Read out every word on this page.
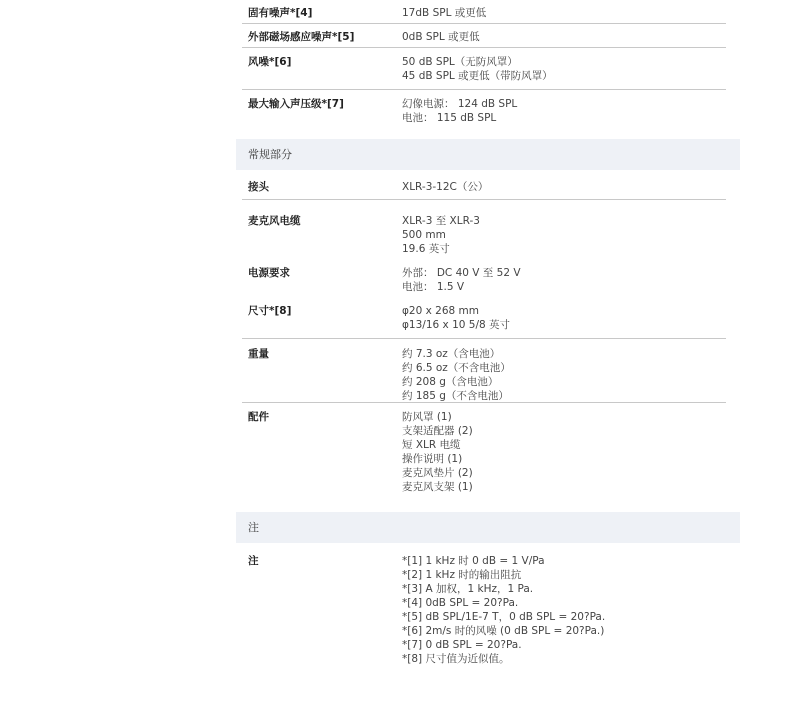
固有噪声*[4]	17dB SPL 或更低
外部磁场感应噪声*[5]	0dB SPL 或更低
风噪*[6]	50 dB SPL（无防风罩）
45 dB SPL 或更低（带防风罩）
最大输入声压级*[7]	幻像电源： 124 dB SPL
电池： 115 dB SPL
常规部分
接头	XLR-3-12C（公）
麦克风电缆	XLR-3 至 XLR-3
500 mm
19.6 英寸
电源要求	外部： DC 40 V 至 52 V
电池： 1.5 V
尺寸*[8]	φ20 x 268 mm
φ13/16 x 10 5/8 英寸
重量	约 7.3 oz（含电池）
约 6.5 oz（不含电池）
约 208 g（含电池）
约 185 g（不含电池）
配件	防风罩 (1)
支架适配器 (2)
短 XLR 电缆
操作说明 (1)
麦克风垫片 (2)
麦克风支架 (1)
注
注	*[1] 1 kHz 时 0 dB = 1 V/Pa
*[2] 1 kHz 时的输出阻抗
*[3] A 加权，1 kHz，1 Pa.
*[4] 0dB SPL = 20?Pa.
*[5] dB SPL/1E-7 T，0 dB SPL = 20?Pa.
*[6] 2m/s 时的风噪 (0 dB SPL = 20?Pa.)
*[7] 0 dB SPL = 20?Pa.
*[8] 尺寸值为近似值。
